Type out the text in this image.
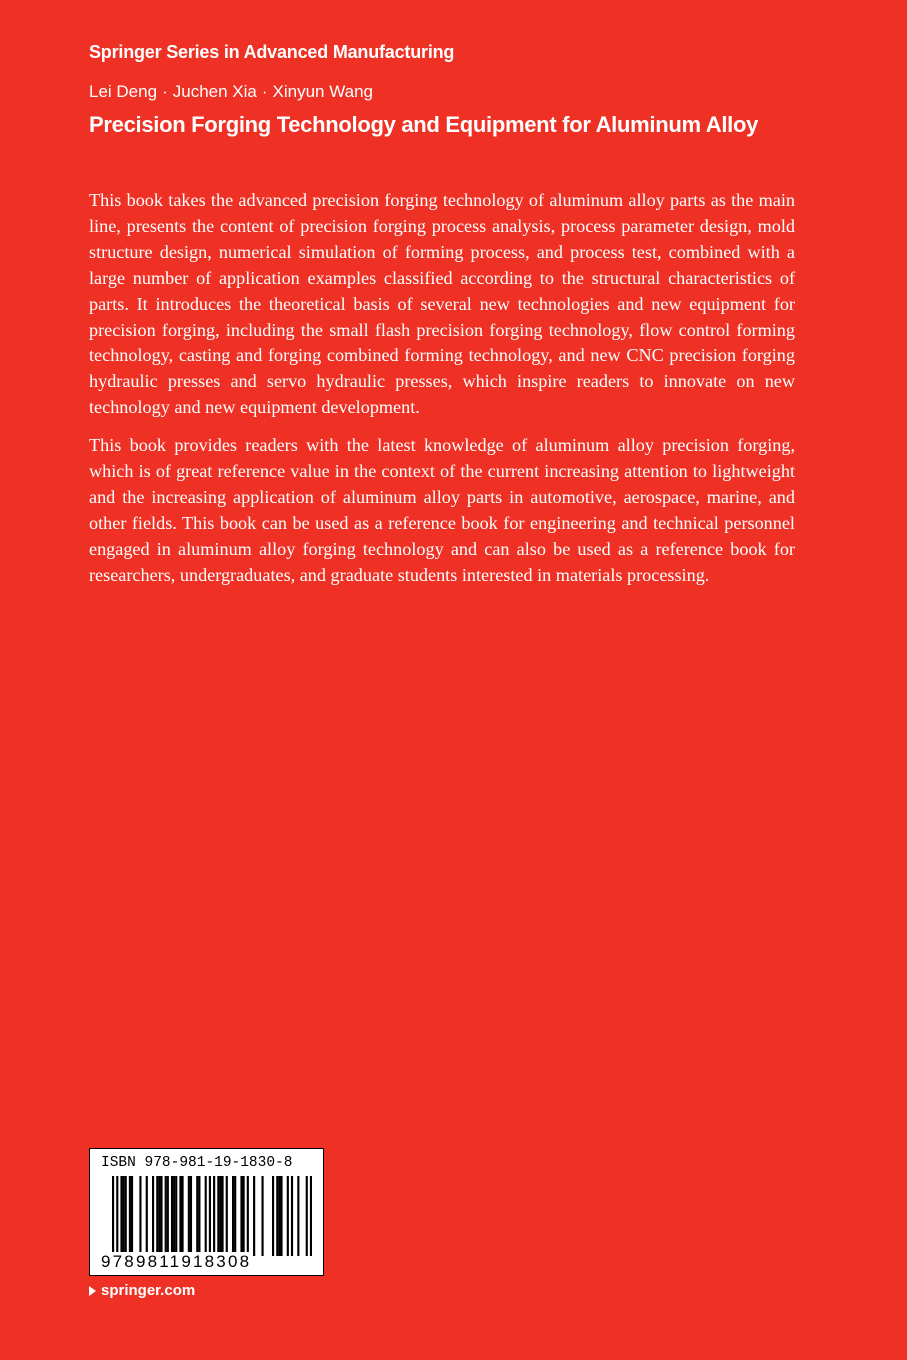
Springer Series in Advanced Manufacturing
Lei Deng · Juchen Xia · Xinyun Wang
Precision Forging Technology and Equipment for Aluminum Alloy

This book takes the advanced precision forging technology of aluminum alloy parts as the main line, presents the content of precision forging process analysis, process parameter design, mold structure design, numerical simulation of forming process, and process test, combined with a large number of application examples classified according to the structural characteristics of parts. It introduces the theoretical basis of several new technologies and new equipment for precision forging, including the small flash precision forging technology, flow control forming technology, casting and forging combined forming technology, and new CNC precision forging hydraulic presses and servo hydraulic presses, which inspire readers to innovate on new technology and new equipment development.

This book provides readers with the latest knowledge of aluminum alloy precision forging, which is of great reference value in the context of the current increasing attention to lightweight and the increasing application of aluminum alloy parts in automotive, aerospace, marine, and other fields. This book can be used as a reference book for engineering and technical personnel engaged in aluminum alloy forging technology and can also be used as a reference book for researchers, undergraduates, and graduate students interested in materials processing.

ISBN 978-981-19-1830-8
9789811918308
springer.com
